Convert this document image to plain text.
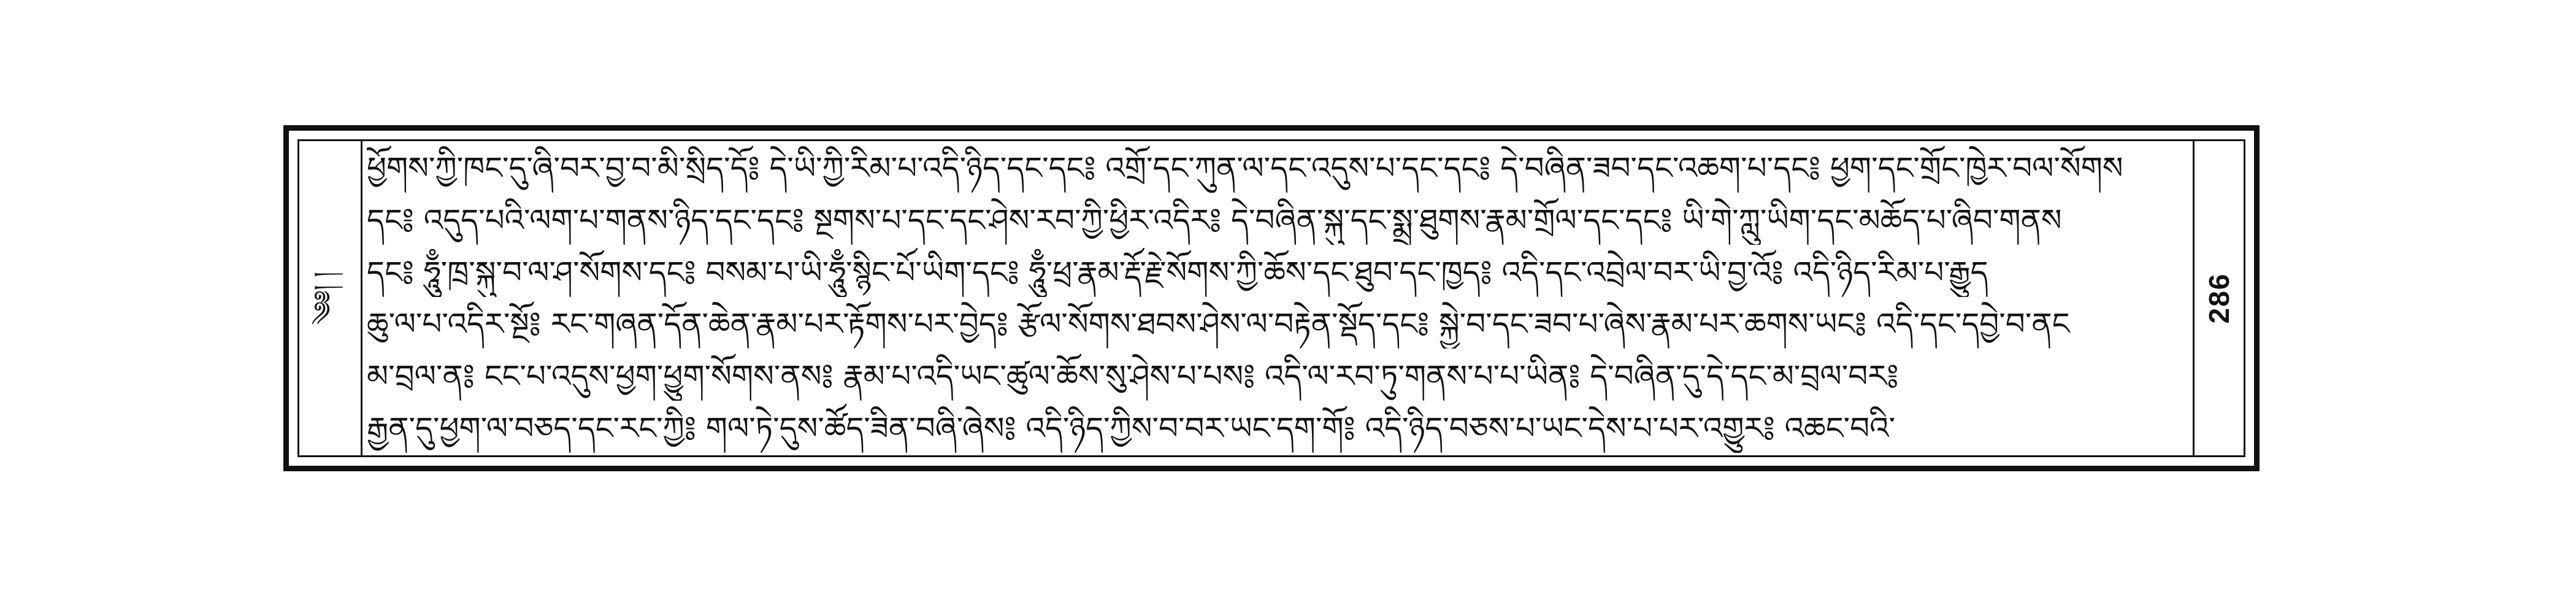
༄༅། །
ཕྱོགས་ཀྱི་ཁང་དུ་ཞི་བར་བྱ་བ་མི་སྲིད་དོ༔ དེ་ཡི་ཀྱི་རིམ་པ་འདི་ཉིད་དང་དང༔ འགྲོ་དང་ཀུན་ལ་དང་འདུས་པ་དང་དང༔ དེ་བཞིན་ཟབ་དང་འཆག་པ་དང༔ ཕྱག་དང་གྲོང་ཁྱེར་བལ་སོགས
དང༔ འདུད་པའི་ལག་པ་གནས་ཉིད་དང་དང༔ སྔགས་པ་དང་དང་ཤེས་རབ་ཀྱི་ཕྱིར་འདིར༔ དེ་བཞིན་སྐུ་དང་སྨྲ་ཐུགས་རྣམ་གྲོལ་དང་དང༔ ཡི་གེ་ཀླུ་ཡིག་དང་མཆོད་པ་ཞིབ་གནས
དང༔ ཧཱུྃ་ཁྲ་སྐུ་བ་ལ་ཤ་སོགས་དང༔ བསམ་པ་ཡི་ཧཱུྃ་སྙིང་པོ་ཡིག་དང༔ ཧཱུྃ་ཕྲ་རྣམ་རྡོ་རྗེ་སོགས་ཀྱི་ཆོས་དང་ཐུབ་དང་ཁྱད༔ འདི་དང་འབྲེལ་བར་ཡི་བྱ་འོ༔ འདི་ཉིད་རིམ་པ་རྒྱུད
ཆུ་ལ་པ་འདིར་སྔོ༔ རང་གཞན་དོན་ཆེན་རྣམ་པར་རྟོགས་པར་བྱེད༔ རྩོལ་སོགས་ཐབས་ཤེས་ལ་བརྟེན་སྡོད་དང༔ སྐྱེ་བ་དང་ཟབ་པ་ཞེས་རྣམ་པར་ཆགས་ཡང༔ འདི་དང་དབྱེ་བ་ནང
མ་བྲལ་ན༔ ངང་པ་འདུས་ཕྱག་ཕྱུག་སོགས་ནས༔ རྣམ་པ་འདི་ཡང་ཚུལ་ཆོས་སུ་ཤེས་པ་པས༔ འདི་ལ་རབ་ཏུ་གནས་པ་པ་ཡིན༔ དེ་བཞིན་དུ་དེ་དང་མ་བྲལ་བར༔
རྒྱན་དུ་ཕྱག་ལ་བཅད་དང་རང་ཀྱི༔ གལ་ཏེ་དུས་ཚོད་ཟིན་བཞི་ཞེས༔ འདི་ཉིད་ཀྱིས་བ་བར་ཡང་དག་གོ༔ འདི་ཉིད་བཅས་པ་ཡང་དེས་པ་པར་འགྱུར༔ འཆང་བའི་
286
